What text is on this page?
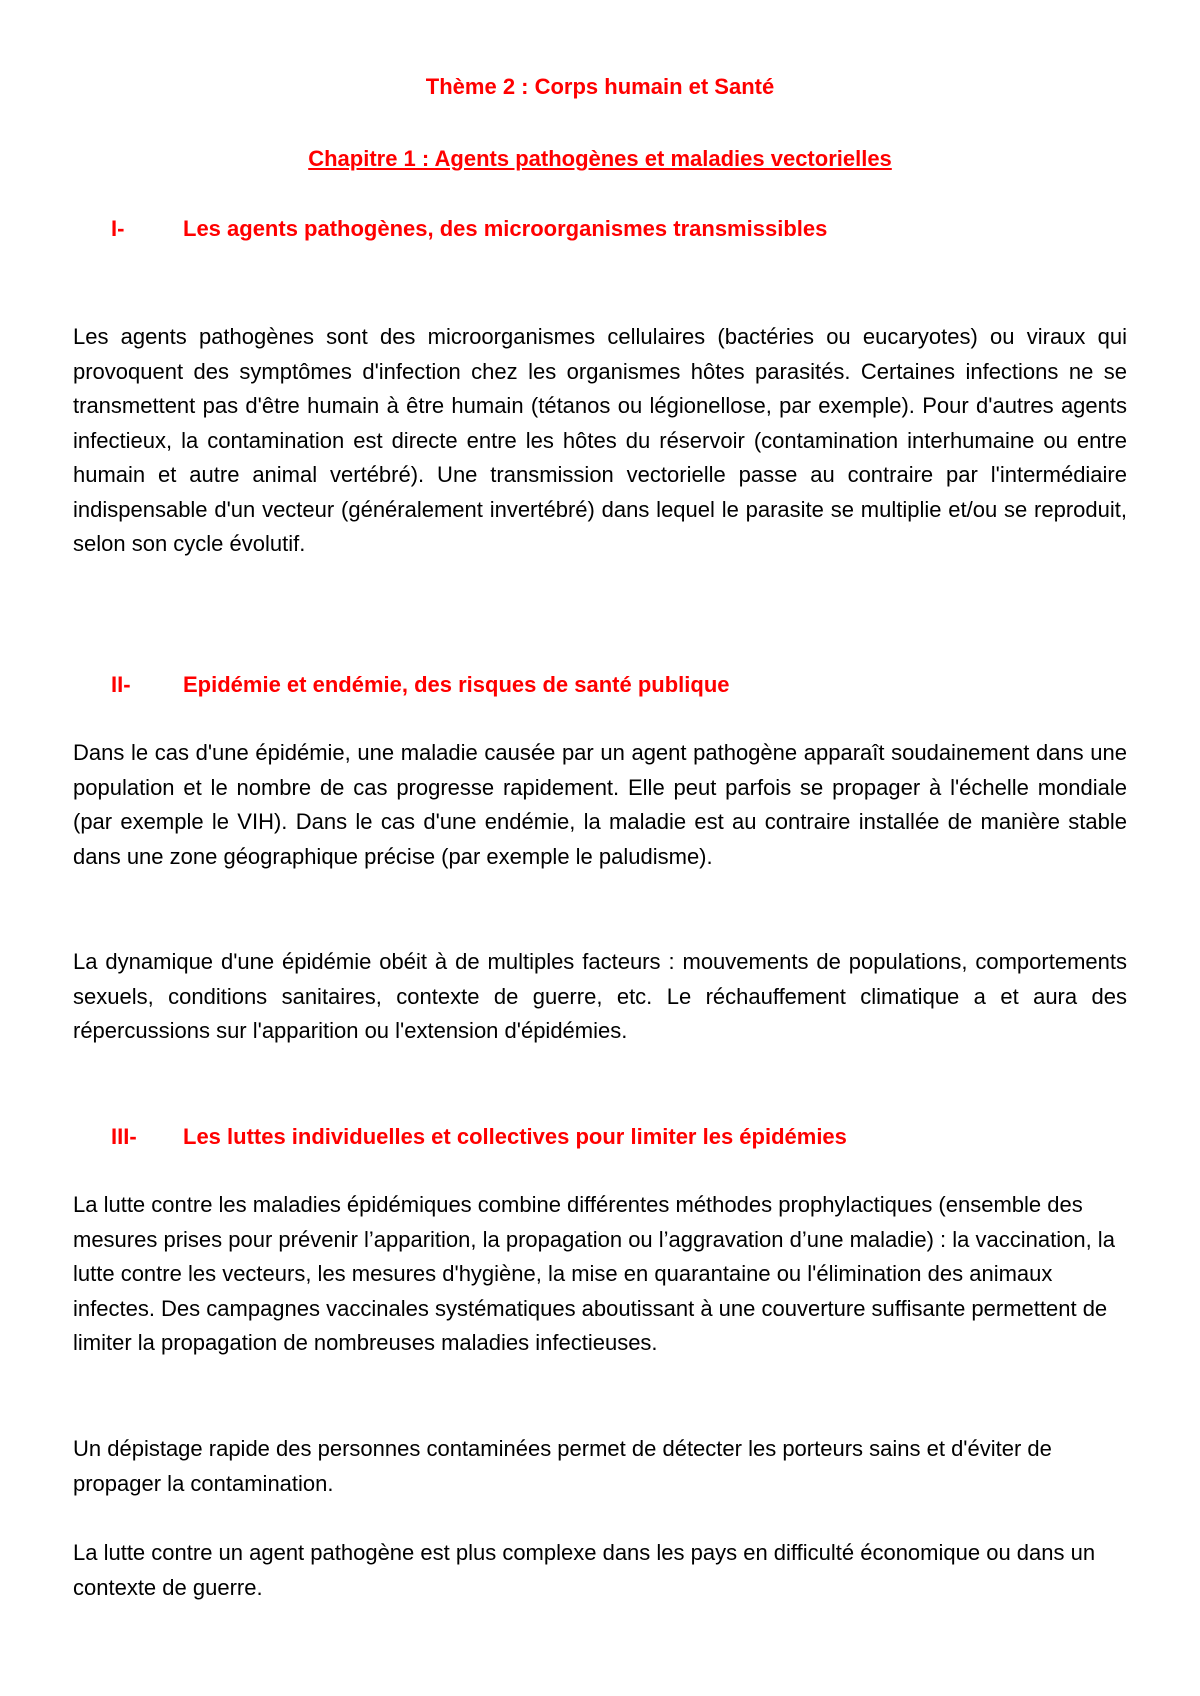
Thème 2 : Corps humain et Santé

Chapitre 1 : Agents pathogènes et maladies vectorielles

I-	Les agents pathogènes, des microorganismes transmissibles

Les agents pathogènes sont des microorganismes cellulaires (bactéries ou eucaryotes) ou viraux qui provoquent des symptômes d'infection chez les organismes hôtes parasités. Certaines infections ne se transmettent pas d'être humain à être humain (tétanos ou légionellose, par exemple). Pour d'autres agents infectieux, la contamination est directe entre les hôtes du réservoir (contamination interhumaine ou entre humain et autre animal vertébré). Une transmission vectorielle passe au contraire par l'intermédiaire indispensable d'un vecteur (généralement invertébré) dans lequel le parasite se multiplie et/ou se reproduit, selon son cycle évolutif.

II- Epidémie et endémie, des risques de santé publique

Dans le cas d'une épidémie, une maladie causée par un agent pathogène apparaît soudainement dans une population et le nombre de cas progresse rapidement. Elle peut parfois se propager à l'échelle mondiale (par exemple le VIH). Dans le cas d'une endémie, la maladie est au contraire installée de manière stable dans une zone géographique précise (par exemple le paludisme).

La dynamique d'une épidémie obéit à de multiples facteurs : mouvements de populations, comportements sexuels, conditions sanitaires, contexte de guerre, etc. Le réchauffement climatique a et aura des répercussions sur l'apparition ou l'extension d'épidémies.

III- Les luttes individuelles et collectives pour limiter les épidémies

La lutte contre les maladies épidémiques combine différentes méthodes prophylactiques (ensemble des mesures prises pour prévenir l’apparition, la propagation ou l’aggravation d’une maladie) : la vaccination, la lutte contre les vecteurs, les mesures d'hygiène, la mise en quarantaine ou l'élimination des animaux infectes. Des campagnes vaccinales systématiques aboutissant à une couverture suffisante permettent de limiter la propagation de nombreuses maladies infectieuses.

Un dépistage rapide des personnes contaminées permet de détecter les porteurs sains et d'éviter de propager la contamination.

La lutte contre un agent pathogène est plus complexe dans les pays en difficulté économique ou dans un contexte de guerre.
